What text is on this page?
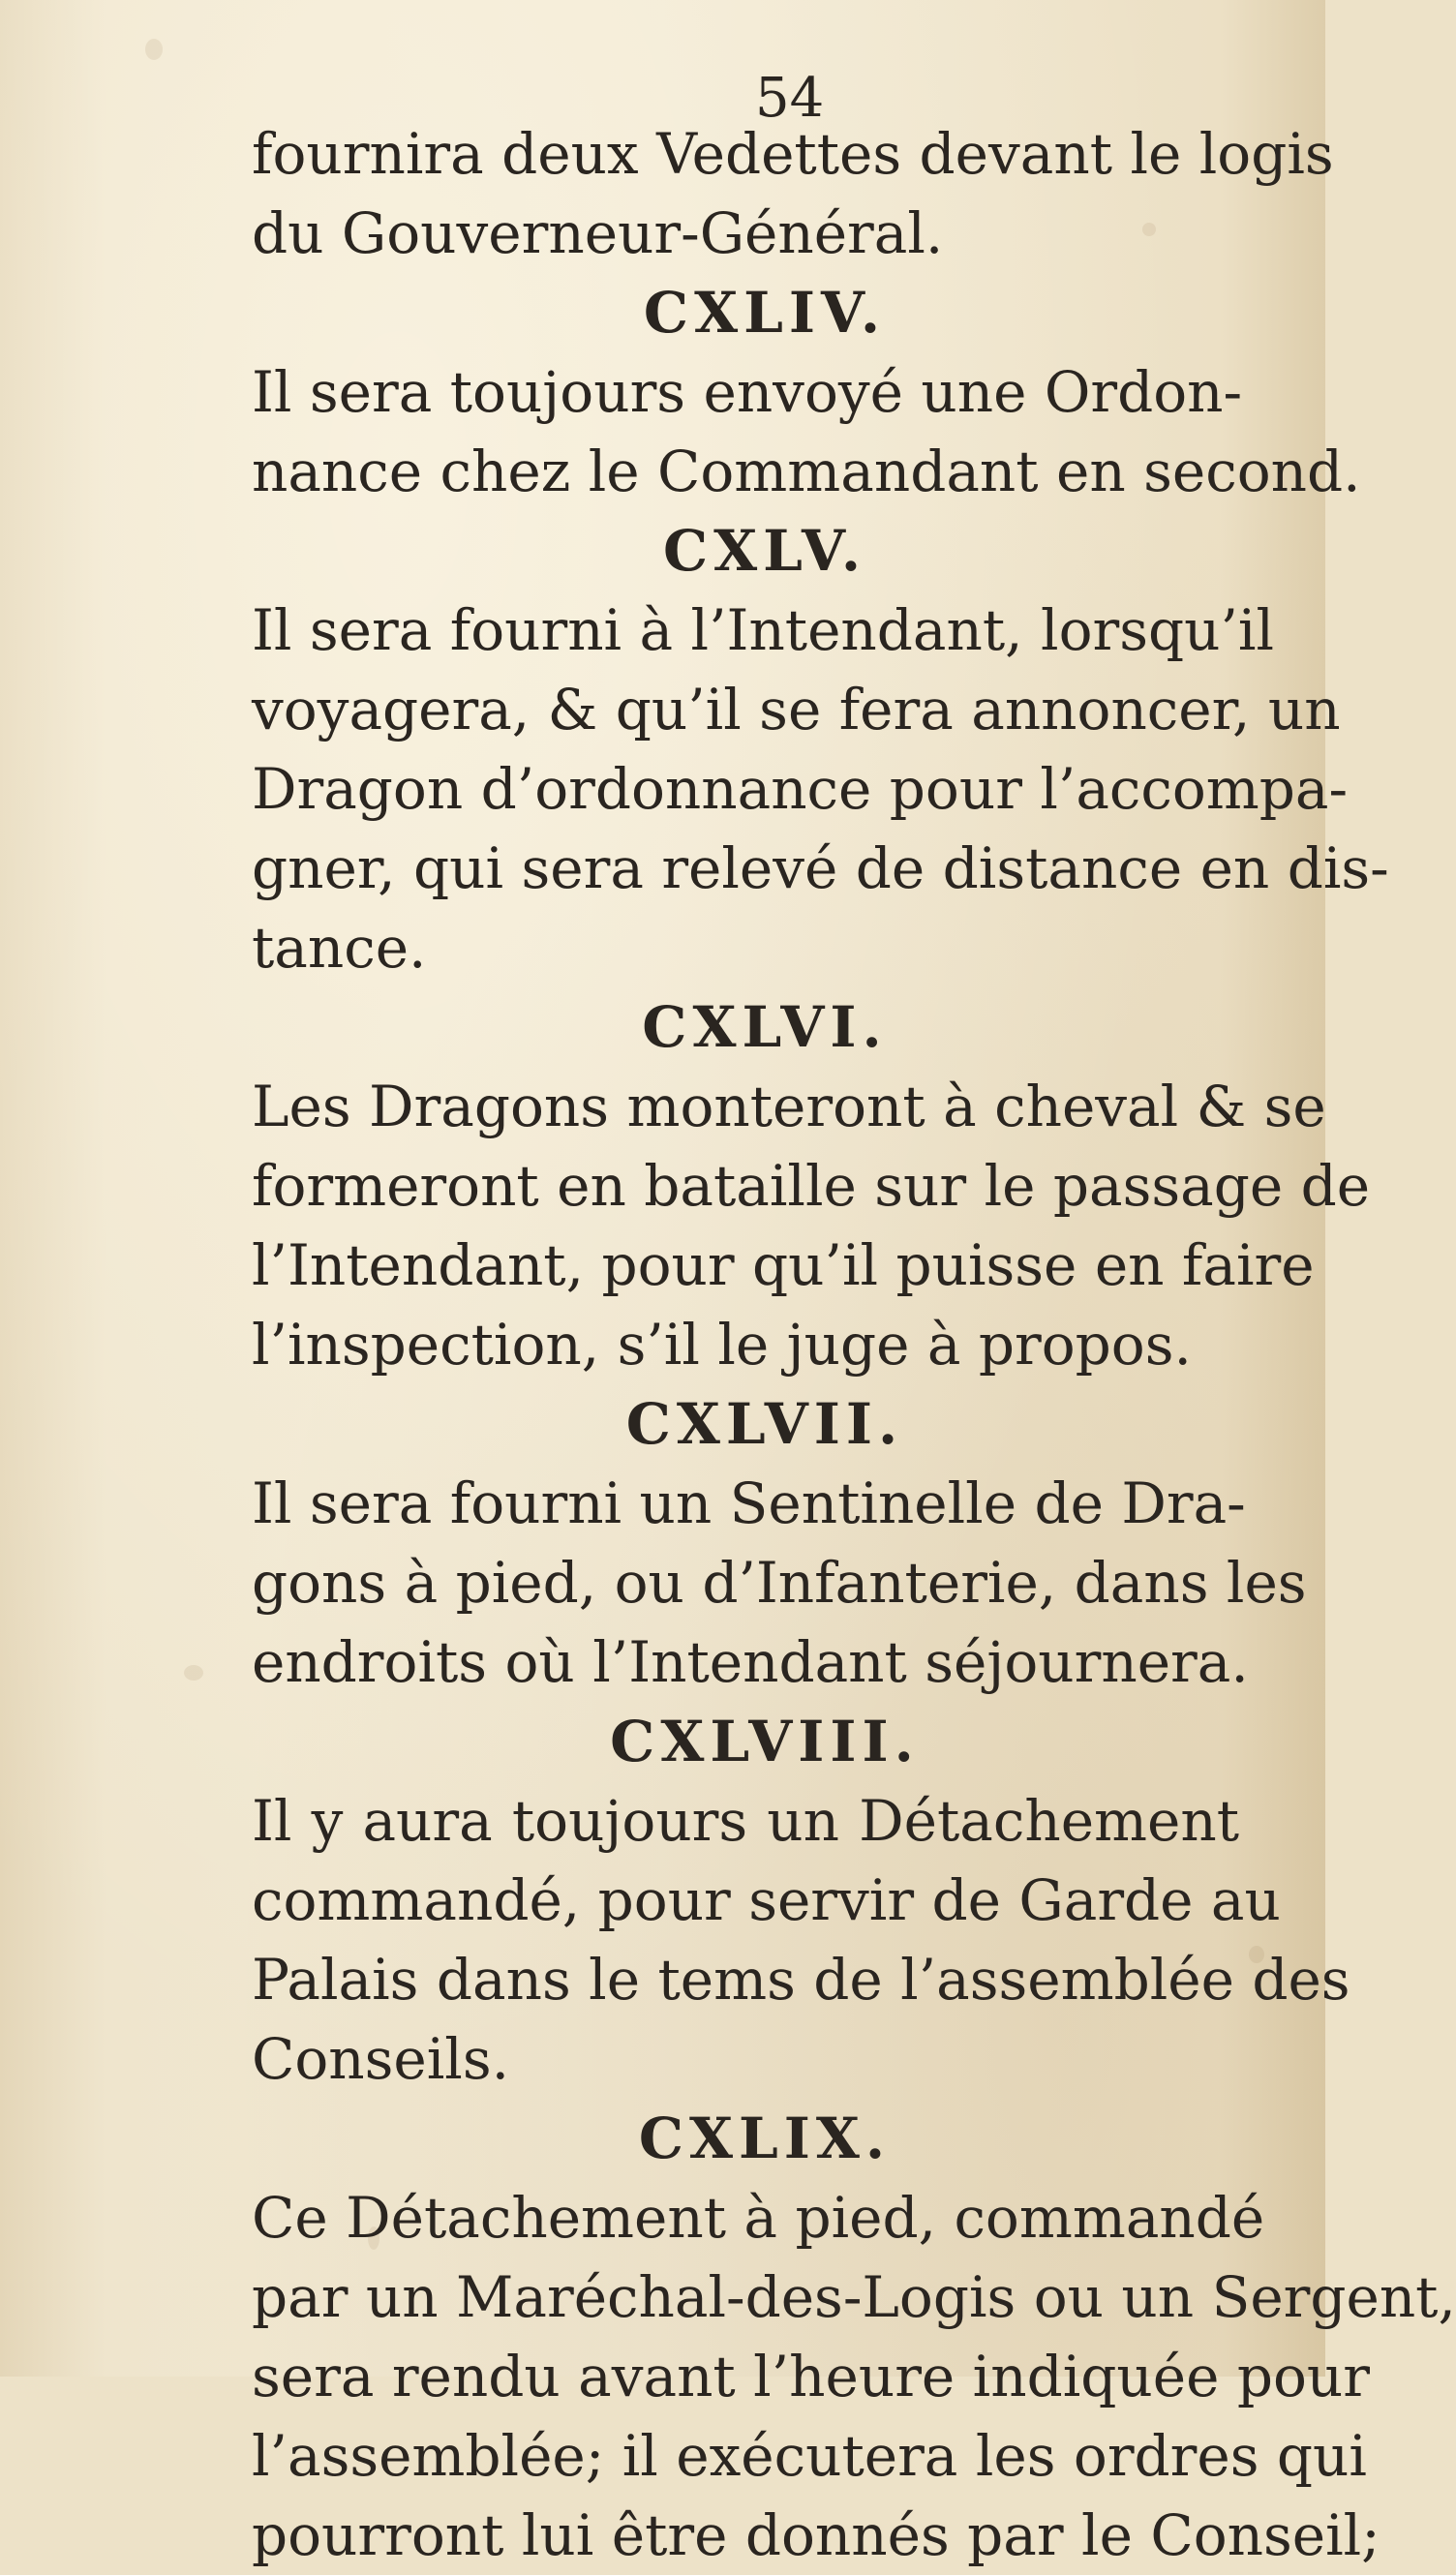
54

fournira deux Vedettes devant le logis

du Gouverneur-Général.

CXLIV.

Il sera toujours envoyé une Ordon-

nance chez le Commandant en second.

CXLV.

Il sera fourni à l’Intendant, lorsqu’il

voyagera, & qu’il se fera annoncer, un

Dragon d’ordonnance pour l’accompa-

gner, qui sera relevé de distance en dis-

tance.

CXLVI.

Les Dragons monteront à cheval & se

formeront en bataille sur le passage de

l’Intendant, pour qu’il puisse en faire

l’inspection, s’il le juge à propos.

CXLVII.

Il sera fourni un Sentinelle de Dra-

gons à pied, ou d’Infanterie, dans les

endroits où l’Intendant séjournera.

CXLVIII.

Il y aura toujours un Détachement

commandé, pour servir de Garde au

Palais dans le tems de l’assemblée des

Conseils.

CXLIX.

Ce Détachement à pied, commandé

par un Maréchal-des-Logis ou un Sergent,

sera rendu avant l’heure indiquée pour

l’assemblée; il exécutera les ordres qui

pourront lui être donnés par le Conseil;
